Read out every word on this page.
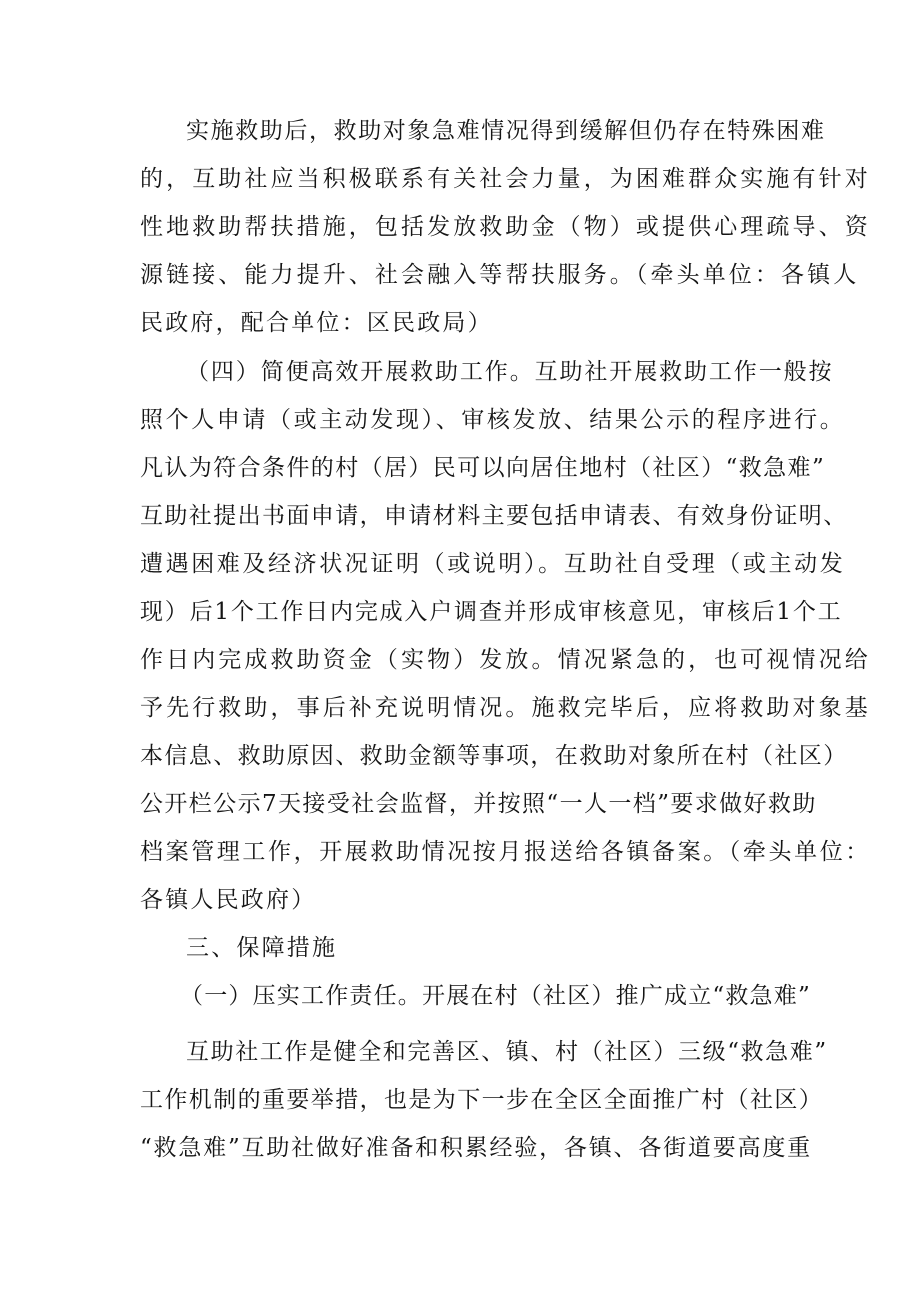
实施救助后，救助对象急难情况得到缓解但仍存在特殊困难

的，互助社应当积极联系有关社会力量，为困难群众实施有针对

性地救助帮扶措施，包括发放救助金（物）或提供心理疏导、资

源链接、能力提升、社会融入等帮扶服务。（牵头单位：各镇人

民政府，配合单位：区民政局）

（四）简便高效开展救助工作。互助社开展救助工作一般按

照个人申请（或主动发现）、审核发放、结果公示的程序进行。

凡认为符合条件的村（居）民可以向居住地村（社区）“救急难”

互助社提出书面申请，申请材料主要包括申请表、有效身份证明、

遭遇困难及经济状况证明（或说明）。互助社自受理（或主动发

现）后1个工作日内完成入户调查并形成审核意见，审核后1个工

作日内完成救助资金（实物）发放。情况紧急的，也可视情况给

予先行救助，事后补充说明情况。施救完毕后，应将救助对象基

本信息、救助原因、救助金额等事项，在救助对象所在村（社区）

公开栏公示7天接受社会监督，并按照“一人一档”要求做好救助

档案管理工作，开展救助情况按月报送给各镇备案。（牵头单位：

各镇人民政府）

三、保障措施

（一）压实工作责任。开展在村（社区）推广成立“救急难”

互助社工作是健全和完善区、镇、村（社区）三级“救急难”

工作机制的重要举措，也是为下一步在全区全面推广村（社区）

“救急难”互助社做好准备和积累经验，各镇、各街道要高度重
